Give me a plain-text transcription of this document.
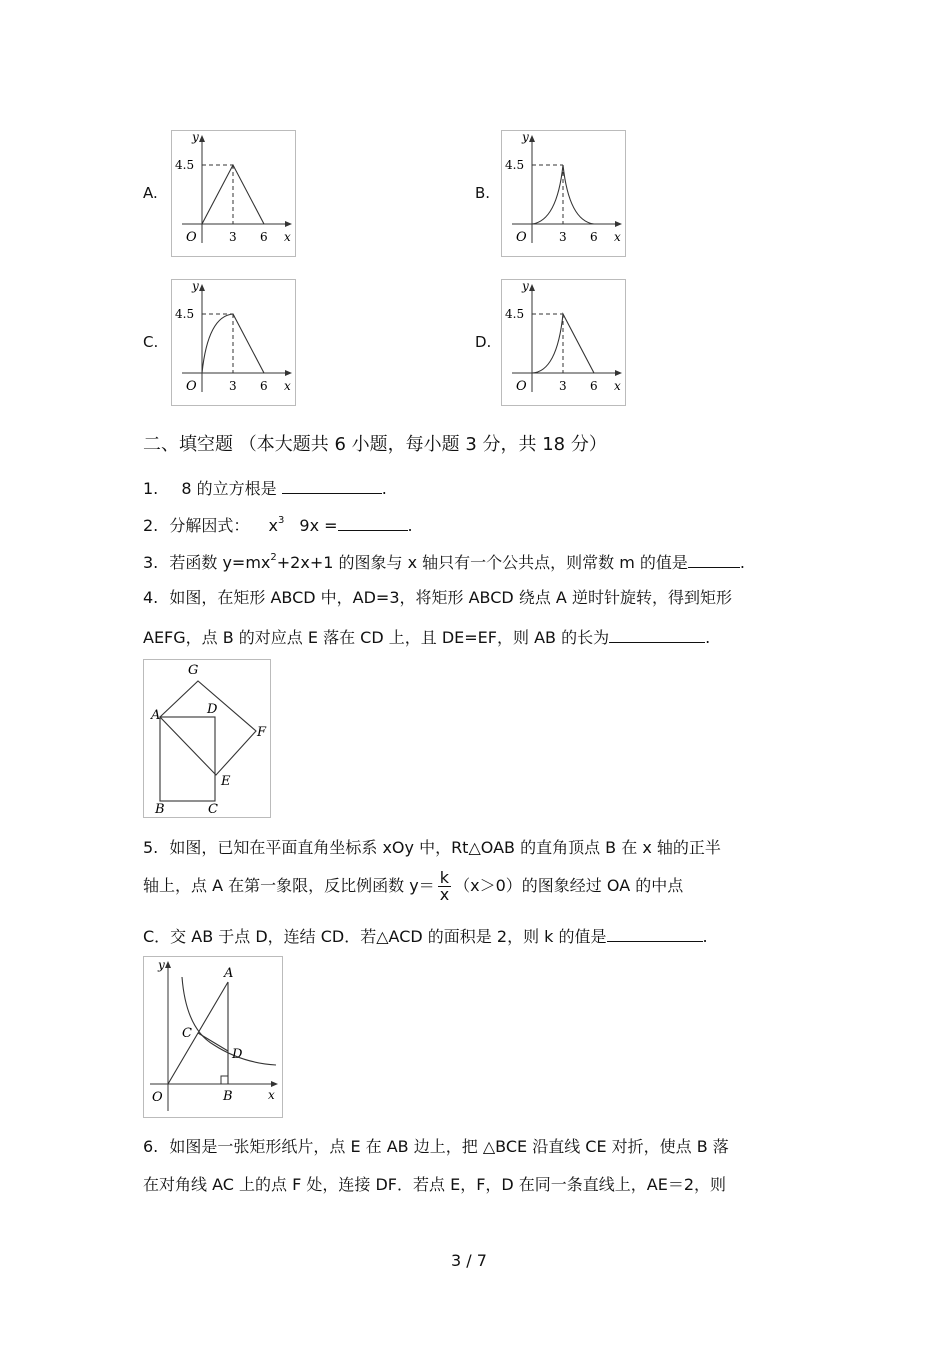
A.
y
x
O
4.5
3 6
B.
y
x
O
4.5
3 6
C.
y
x
O
4.5
3 6
D.
y
x
O
4.5
3 6
二、填空题 （本大题共 6 小题，每小题 3 分，共 18 分）
1. 8 的立方根是	.
2. 分解因式： $x^3$ 9x =	.
3. 若函数 $y=mx^2+2x+1$ 的图象与 x 轴只有一个公共点，则常数 m 的值是	.
4. 如图，在矩形 ABCD 中，AD=3，将矩形 ABCD 绕点 A 逆时针旋转，得到矩形
AEFG，点 B 的对应点 E 落在 CD 上，且 DE=EF，则 AB 的长为	.
A
G
D
F
E
B	C
5. 如图，已知在平面直角坐标系 xOy 中，Rt△OAB 的直角顶点 B 在 x 轴的正半
轴上，点 A 在第一象限，反比例函数 $y= \frac{k}{x} (x>0)$的图象经过 OA 的中点
C．交 AB 于点 D，连结 CD．若△ACD 的面积是 2，则 k 的值是	.
y
x
O
A
C
D
B
6. 如图是一张矩形纸片，点 E 在 AB 边上，把 △BCE 沿直线 CE 对折，使点 B 落
在对角线 AC 上的点 F 处，连接 DF．若点 E，F，D 在同一条直线上，AE＝2，则
3 / 7
